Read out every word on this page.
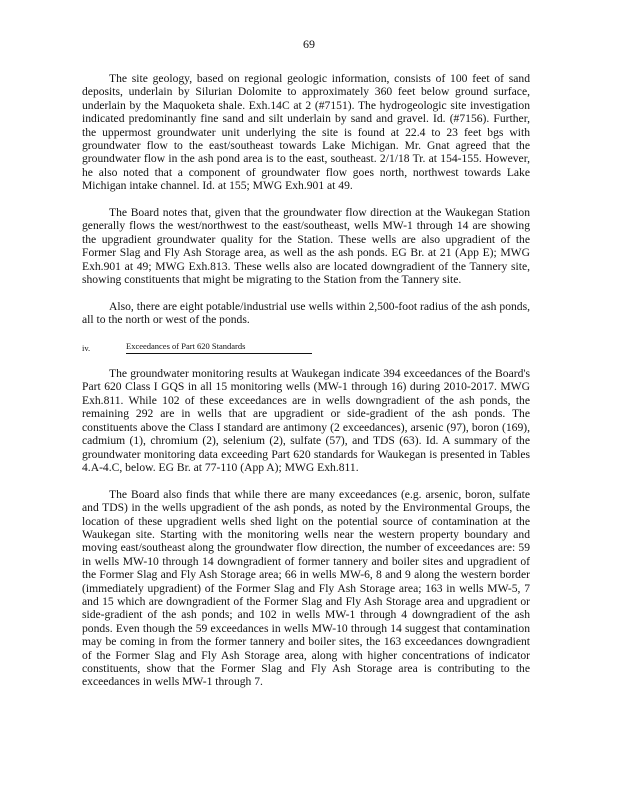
69

The site geology, based on regional geologic information, consists of 100 feet of sand deposits, underlain by Silurian Dolomite to approximately 360 feet below ground surface, underlain by the Maquoketa shale. Exh.14C at 2 (#7151). The hydrogeologic site investigation indicated predominantly fine sand and silt underlain by sand and gravel. Id. (#7156). Further, the uppermost groundwater unit underlying the site is found at 22.4 to 23 feet bgs with groundwater flow to the east/southeast towards Lake Michigan. Mr. Gnat agreed that the groundwater flow in the ash pond area is to the east, southeast. 2/1/18 Tr. at 154-155. However, he also noted that a component of groundwater flow goes north, northwest towards Lake Michigan intake channel. Id. at 155; MWG Exh.901 at 49.

The Board notes that, given that the groundwater flow direction at the Waukegan Station generally flows the west/northwest to the east/southeast, wells MW-1 through 14 are showing the upgradient groundwater quality for the Station. These wells are also upgradient of the Former Slag and Fly Ash Storage area, as well as the ash ponds. EG Br. at 21 (App E); MWG Exh.901 at 49; MWG Exh.813. These wells also are located downgradient of the Tannery site, showing constituents that might be migrating to the Station from the Tannery site.

Also, there are eight potable/industrial use wells within 2,500-foot radius of the ash ponds, all to the north or west of the ponds.

iv.	Exceedances of Part 620 Standards

The groundwater monitoring results at Waukegan indicate 394 exceedances of the Board's Part 620 Class I GQS in all 15 monitoring wells (MW-1 through 16) during 2010-2017. MWG Exh.811. While 102 of these exceedances are in wells downgradient of the ash ponds, the remaining 292 are in wells that are upgradient or side-gradient of the ash ponds. The constituents above the Class I standard are antimony (2 exceedances), arsenic (97), boron (169), cadmium (1), chromium (2), selenium (2), sulfate (57), and TDS (63). Id. A summary of the groundwater monitoring data exceeding Part 620 standards for Waukegan is presented in Tables 4.A-4.C, below. EG Br. at 77-110 (App A); MWG Exh.811.

The Board also finds that while there are many exceedances (e.g. arsenic, boron, sulfate and TDS) in the wells upgradient of the ash ponds, as noted by the Environmental Groups, the location of these upgradient wells shed light on the potential source of contamination at the Waukegan site. Starting with the monitoring wells near the western property boundary and moving east/southeast along the groundwater flow direction, the number of exceedances are: 59 in wells MW-10 through 14 downgradient of former tannery and boiler sites and upgradient of the Former Slag and Fly Ash Storage area; 66 in wells MW-6, 8 and 9 along the western border (immediately upgradient) of the Former Slag and Fly Ash Storage area; 163 in wells MW-5, 7 and 15 which are downgradient of the Former Slag and Fly Ash Storage area and upgradient or side-gradient of the ash ponds; and 102 in wells MW-1 through 4 downgradient of the ash ponds. Even though the 59 exceedances in wells MW-10 through 14 suggest that contamination may be coming in from the former tannery and boiler sites, the 163 exceedances downgradient of the Former Slag and Fly Ash Storage area, along with higher concentrations of indicator constituents, show that the Former Slag and Fly Ash Storage area is contributing to the exceedances in wells MW-1 through 7.
